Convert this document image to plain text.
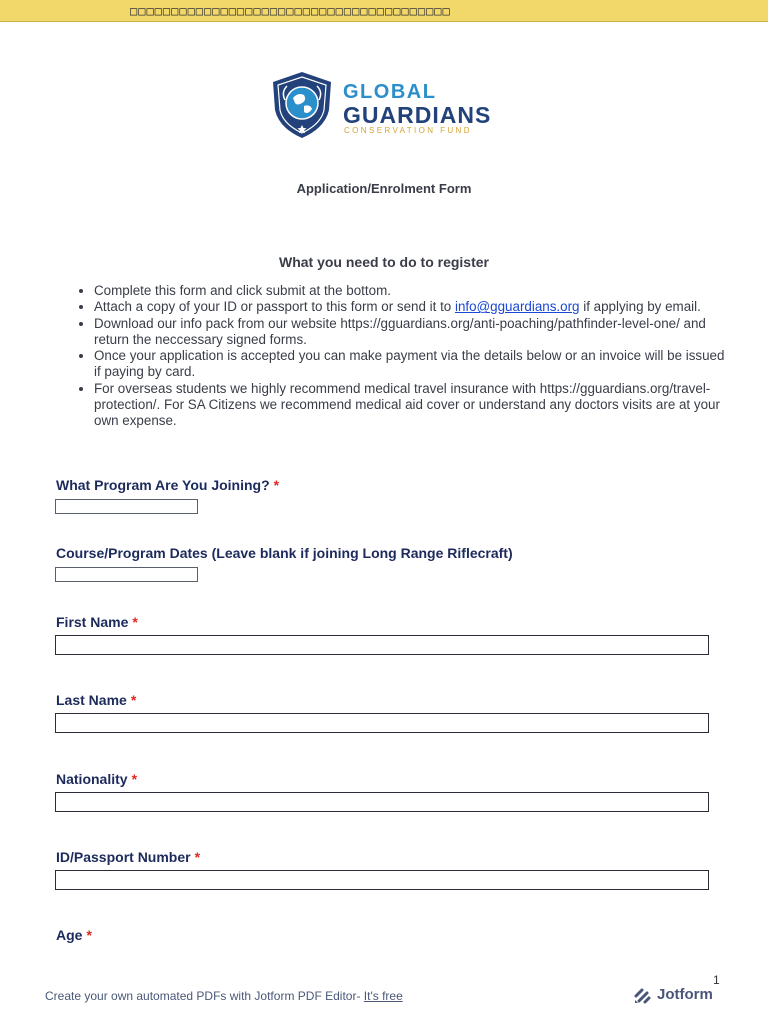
□□□□□□□□□□□□□□□□□□□□□□□□□□□□□□□□□□□□□□□
GLOBAL
GUARDIANS
CONSERVATION FUND
Application/Enrolment Form
What you need to do to register
• Complete this form and click submit at the bottom.
• Attach a copy of your ID or passport to this form or send it to info@gguardians.org if applying by email.
• Download our info pack from our website https://gguardians.org/anti-poaching/pathfinder-level-one/ and return the neccessary signed forms.
• Once your application is accepted you can make payment via the details below or an invoice will be issued if paying by card.
• For overseas students we highly recommend medical travel insurance with https://gguardians.org/travel-protection/. For SA Citizens we recommend medical aid cover or understand any doctors visits are at your own expense.
What Program Are You Joining? *
Course/Program Dates (Leave blank if joining Long Range Riflecraft)
First Name *
Last Name *
Nationality *
ID/Passport Number *
Age *
1
Create your own automated PDFs with Jotform PDF Editor- It's free	Jotform
